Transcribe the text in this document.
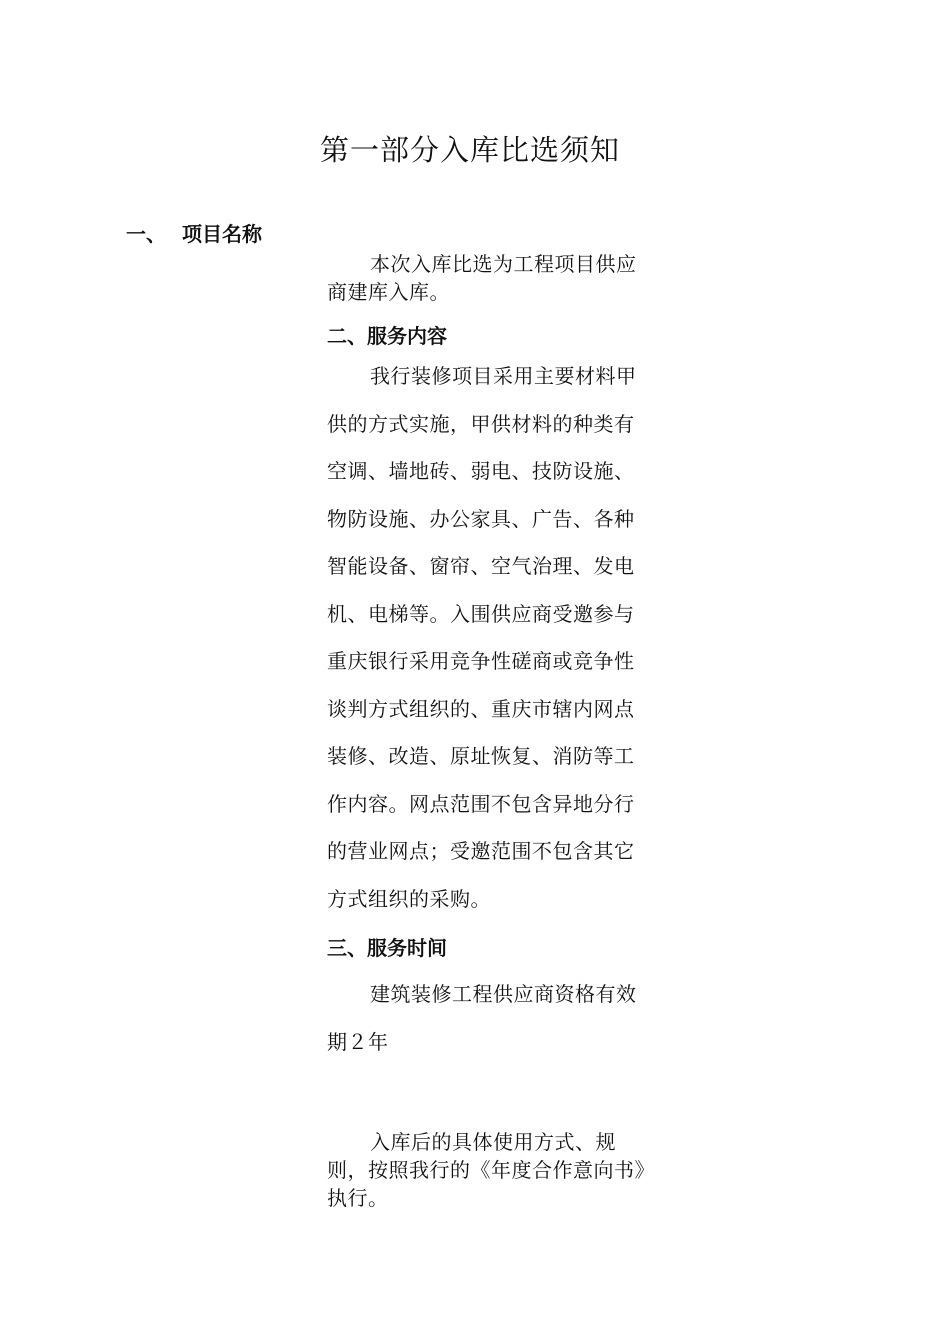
第一部分入库比选须知
一、 项目名称

本次入库比选为工程项目供应商建库入库。

二、服务内容

我行装修项目采用主要材料甲供的方式实施，甲供材料的种类有空调、墙地砖、弱电、技防设施、物防设施、办公家具、广告、各种智能设备、窗帘、空气治理、发电机、电梯等。入围供应商受邀参与重庆银行采用竞争性磋商或竞争性谈判方式组织的、重庆市辖内网点装修、改造、原址恢复、消防等工作内容。网点范围不包含异地分行的营业网点；受邀范围不包含其它方式组织的采购。

三、服务时间

建筑装修工程供应商资格有效期２年

入库后的具体使用方式、规则，按照我行的《年度合作意向书》执行。
